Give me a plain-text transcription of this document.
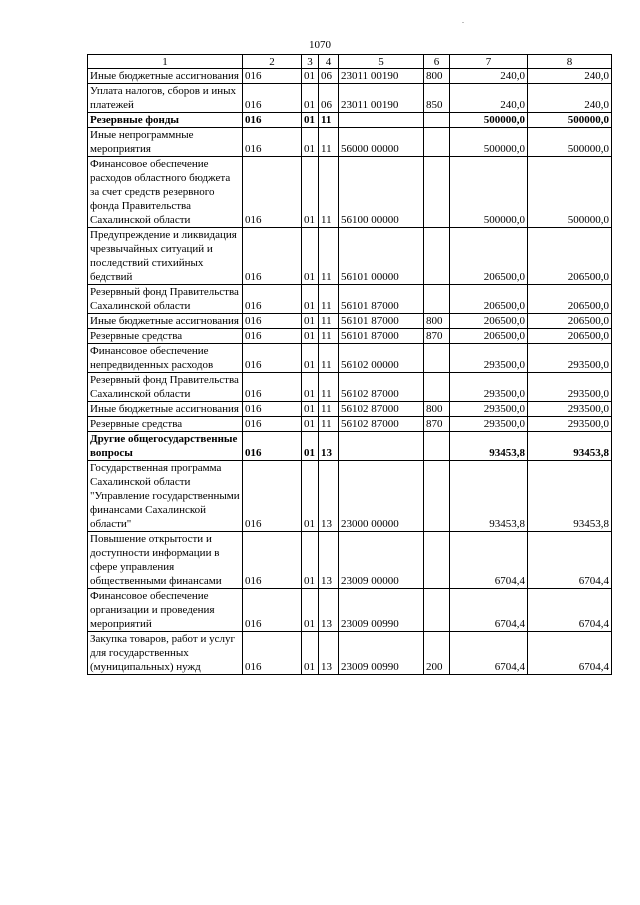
1070
.
1	2	3	4	5	6	7	8
Иные бюджетные ассигнования	016	01	06	23011 00190	800	240,0	240,0
Уплата налогов, сборов и иных платежей	016	01	06	23011 00190	850	240,0	240,0
Резервные фонды	016	01	11			500000,0	500000,0
Иные непрограммные мероприятия	016	01	11	56000 00000		500000,0	500000,0
Финансовое обеспечение расходов областного бюджета за счет средств резервного фонда Правительства Сахалинской области	016	01	11	56100 00000		500000,0	500000,0
Предупреждение и ликвидация чрезвычайных ситуаций и последствий стихийных бедствий	016	01	11	56101 00000		206500,0	206500,0
Резервный фонд Правительства Сахалинской области	016	01	11	56101 87000		206500,0	206500,0
Иные бюджетные ассигнования	016	01	11	56101 87000	800	206500,0	206500,0
Резервные средства	016	01	11	56101 87000	870	206500,0	206500,0
Финансовое обеспечение непредвиденных расходов	016	01	11	56102 00000		293500,0	293500,0
Резервный фонд Правительства Сахалинской области	016	01	11	56102 87000		293500,0	293500,0
Иные бюджетные ассигнования	016	01	11	56102 87000	800	293500,0	293500,0
Резервные средства	016	01	11	56102 87000	870	293500,0	293500,0
Другие общегосударственные вопросы	016	01	13			93453,8	93453,8
Государственная программа Сахалинской области "Управление государственными финансами Сахалинской области"	016	01	13	23000 00000		93453,8	93453,8
Повышение открытости и доступности информации в сфере управления общественными финансами	016	01	13	23009 00000		6704,4	6704,4
Финансовое обеспечение организации и проведения мероприятий	016	01	13	23009 00990		6704,4	6704,4
Закупка товаров, работ и услуг для государственных (муниципальных) нужд	016	01	13	23009 00990	200	6704,4	6704,4
